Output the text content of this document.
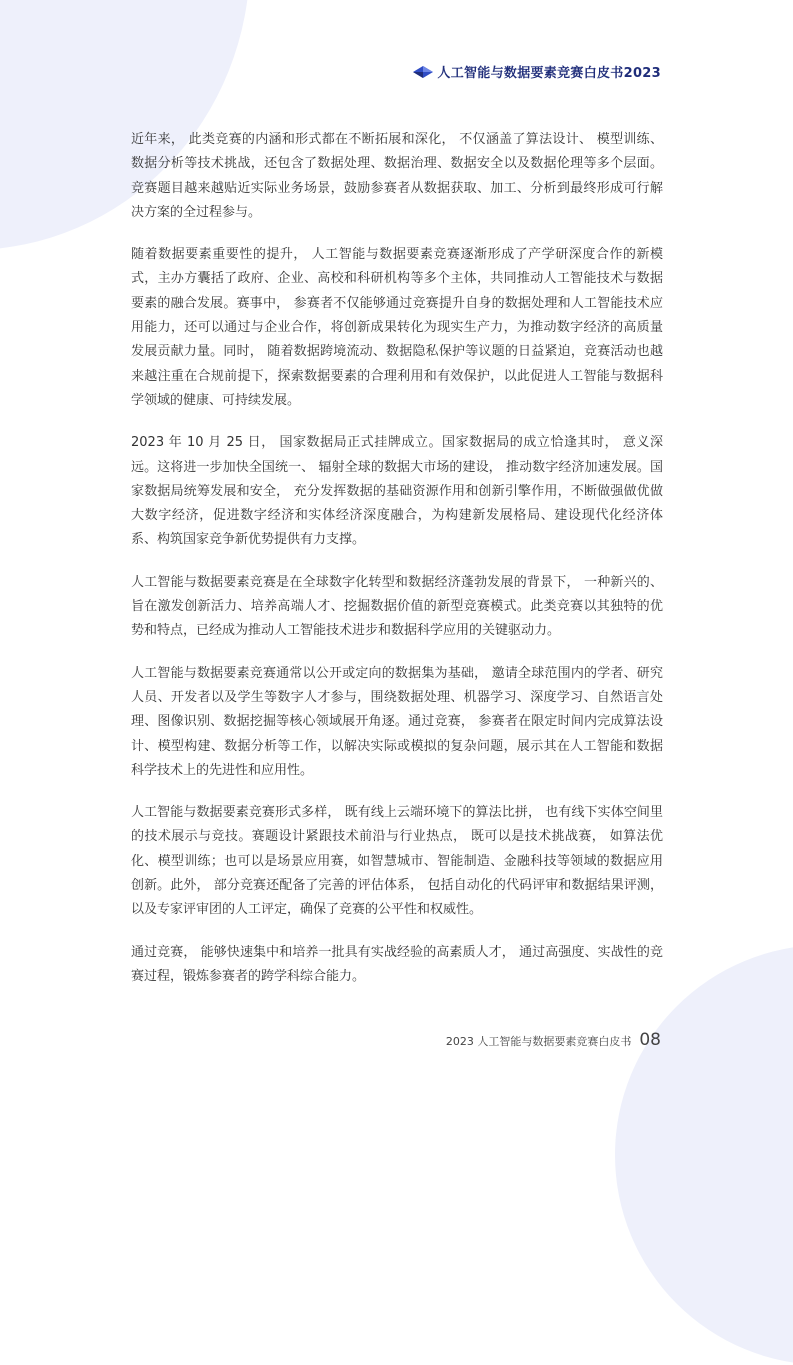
人工智能与数据要素竞赛白皮书2023

近年来， 此类竞赛的内涵和形式都在不断拓展和深化， 不仅涵盖了算法设计、 模型训练、数据分析等技术挑战，还包含了数据处理、数据治理、数据安全以及数据伦理等多个层面。竞赛题目越来越贴近实际业务场景，鼓励参赛者从数据获取、加工、分析到最终形成可行解决方案的全过程参与。

随着数据要素重要性的提升， 人工智能与数据要素竞赛逐渐形成了产学研深度合作的新模式，主办方囊括了政府、企业、高校和科研机构等多个主体，共同推动人工智能技术与数据要素的融合发展。赛事中， 参赛者不仅能够通过竞赛提升自身的数据处理和人工智能技术应用能力，还可以通过与企业合作，将创新成果转化为现实生产力，为推动数字经济的高质量发展贡献力量。同时， 随着数据跨境流动、数据隐私保护等议题的日益紧迫，竞赛活动也越来越注重在合规前提下，探索数据要素的合理利用和有效保护，以此促进人工智能与数据科学领域的健康、可持续发展。

2023 年 10 月 25 日， 国家数据局正式挂牌成立。国家数据局的成立恰逢其时， 意义深远。这将进一步加快全国统一、 辐射全球的数据大市场的建设， 推动数字经济加速发展。国家数据局统筹发展和安全， 充分发挥数据的基础资源作用和创新引擎作用，不断做强做优做大数字经济，促进数字经济和实体经济深度融合，为构建新发展格局、建设现代化经济体系、构筑国家竞争新优势提供有力支撑。

人工智能与数据要素竞赛是在全球数字化转型和数据经济蓬勃发展的背景下， 一种新兴的、旨在激发创新活力、培养高端人才、挖掘数据价值的新型竞赛模式。此类竞赛以其独特的优势和特点，已经成为推动人工智能技术进步和数据科学应用的关键驱动力。

人工智能与数据要素竞赛通常以公开或定向的数据集为基础， 邀请全球范围内的学者、研究人员、开发者以及学生等数字人才参与，围绕数据处理、机器学习、深度学习、自然语言处理、图像识别、数据挖掘等核心领域展开角逐。通过竞赛， 参赛者在限定时间内完成算法设计、模型构建、数据分析等工作，以解决实际或模拟的复杂问题，展示其在人工智能和数据科学技术上的先进性和应用性。

人工智能与数据要素竞赛形式多样， 既有线上云端环境下的算法比拼， 也有线下实体空间里的技术展示与竞技。赛题设计紧跟技术前沿与行业热点， 既可以是技术挑战赛， 如算法优化、模型训练；也可以是场景应用赛，如智慧城市、智能制造、金融科技等领域的数据应用创新。此外， 部分竞赛还配备了完善的评估体系， 包括自动化的代码评审和数据结果评测，以及专家评审团的人工评定，确保了竞赛的公平性和权威性。

通过竞赛， 能够快速集中和培养一批具有实战经验的高素质人才， 通过高强度、实战性的竞赛过程，锻炼参赛者的跨学科综合能力。

2023 人工智能与数据要素竞赛白皮书 08
